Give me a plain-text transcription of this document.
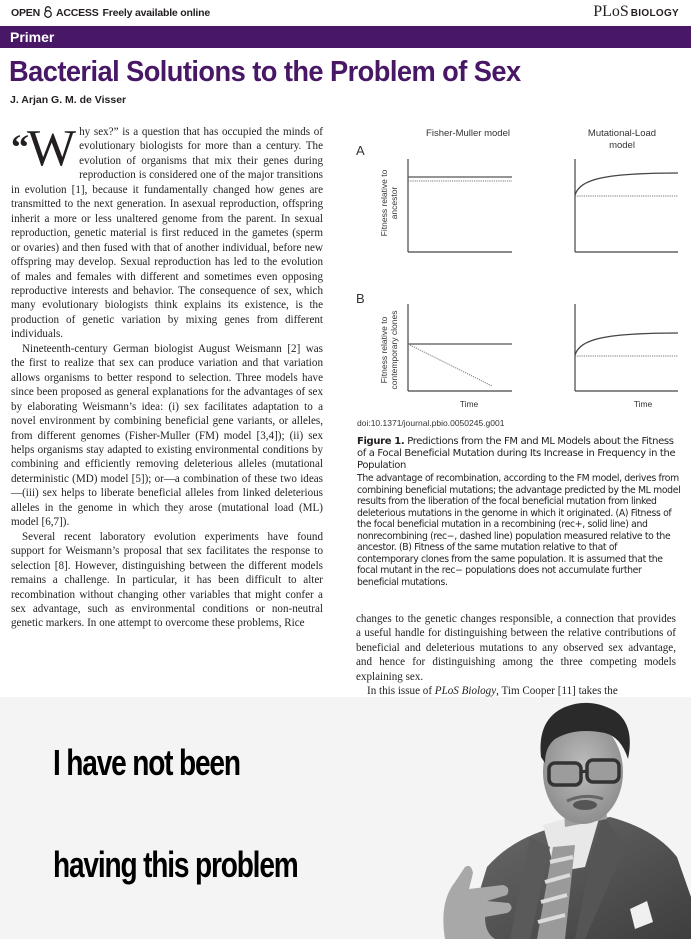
OPEN ACCESS Freely available online	PLoS BIOLOGY
Primer
Bacterial Solutions to the Problem of Sex
J. Arjan G. M. de Visser

“W hy sex?” is a question that has occupied the minds of evolutionary biologists for more than a century. The evolution of organisms that mix their genes during reproduction is considered one of the major transitions in evolution [1], because it fundamentally changed how genes are transmitted to the next generation. In asexual reproduction, offspring inherit a more or less unaltered genome from the parent. In sexual reproduction, genetic material is first reduced in the gametes (sperm or ovaries) and then fused with that of another individual, before new offspring may develop. Sexual reproduction has led to the evolution of males and females with different and sometimes even opposing reproductive interests and behavior. The consequence of sex, which many evolutionary biologists think explains its existence, is the production of genetic variation by mixing genes from different individuals.

Nineteenth-century German biologist August Weismann [2] was the first to realize that sex can produce variation and that variation allows organisms to better respond to selection. Three models have since been proposed as general explanations for the advantages of sex by elaborating Weismann’s idea: (i) sex facilitates adaptation to a novel environment by combining beneficial gene variants, or alleles, from different genomes (Fisher-Muller (FM) model [3,4]); (ii) sex helps organisms stay adapted to existing environmental conditions by combining and efficiently removing deleterious alleles (mutational deterministic (MD) model [5]); or—a combination of these two ideas—(iii) sex helps to liberate beneficial alleles from linked deleterious alleles in the genome in which they arose (mutational load (ML) model [6,7]).

Several recent laboratory evolution experiments have found support for Weismann’s proposal that sex facilitates the response to selection [8]. However, distinguishing between the different models remains a challenge. In particular, it has been difficult to alter recombination without changing other variables that might confer a sex advantage, such as environmental conditions or non-neutral genetic markers. In one attempt to overcome these problems, Rice

Fisher-Muller model	Mutational-Load
model
A
B
Fitness relative to ancestor
Fitness relative to contemporary clones
Time	Time
doi:10.1371/journal.pbio.0050245.g001
Figure 1. Predictions from the FM and ML Models about the Fitness of a Focal Beneficial Mutation during Its Increase in Frequency in the Population
The advantage of recombination, according to the FM model, derives from combining beneficial mutations; the advantage predicted by the ML model results from the liberation of the focal beneficial mutation from linked deleterious mutations in the genome in which it originated. (A) Fitness of the focal beneficial mutation in a recombining (rec+, solid line) and nonrecombining (rec−, dashed line) population measured relative to the ancestor. (B) Fitness of the same mutation relative to that of contemporary clones from the same population. It is assumed that the focal mutant in the rec− populations does not accumulate further beneficial mutations.

changes to the genetic changes responsible, a connection that provides a useful handle for distinguishing between the relative contributions of beneficial and deleterious mutations to any observed sex advantage, and hence for distinguishing among the three competing models explaining sex.

In this issue of PLoS Biology, Tim Cooper [11] takes the

I have not been
having this problem
